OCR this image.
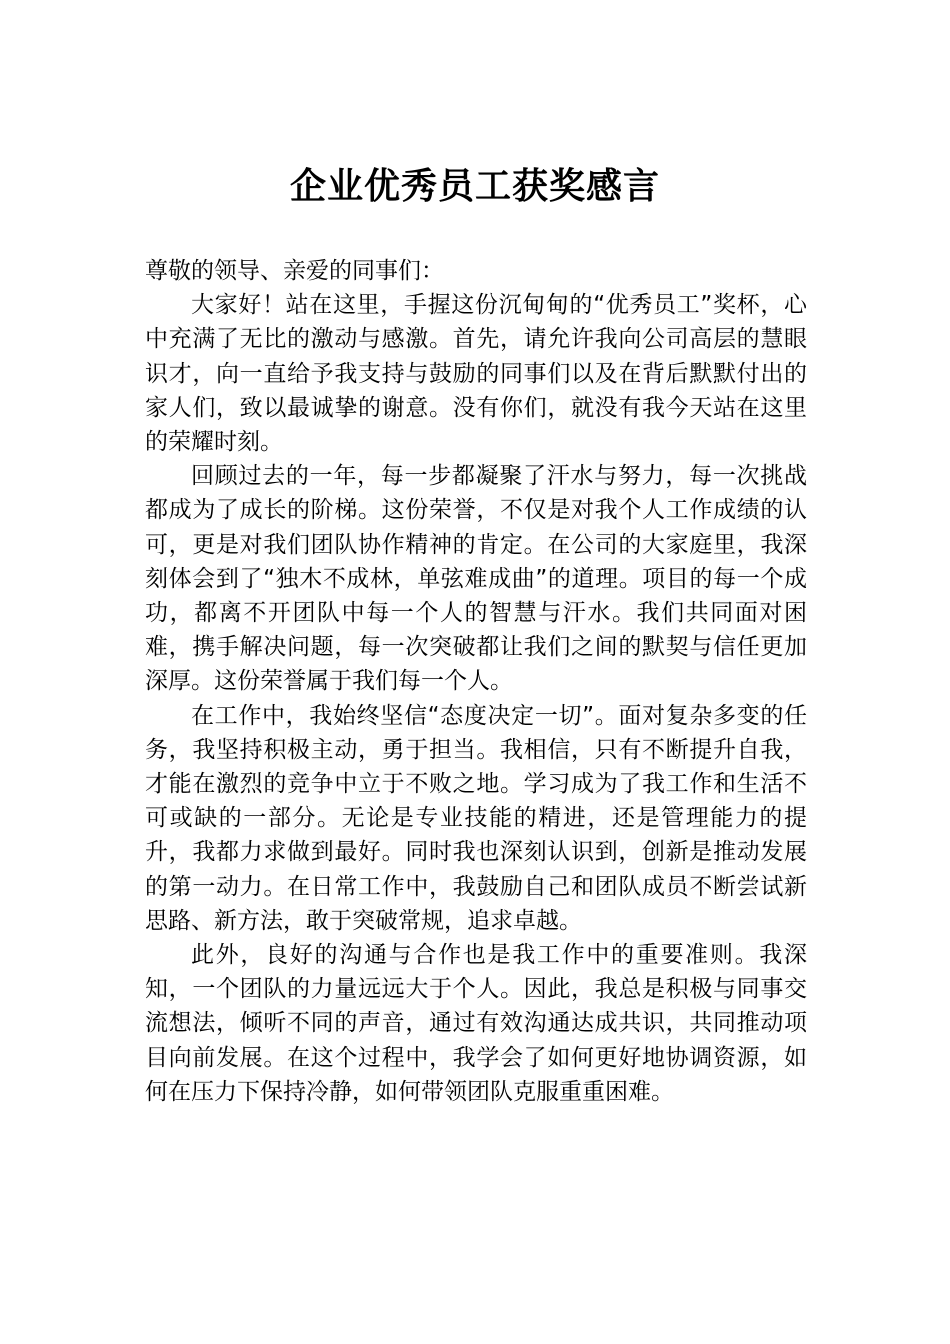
企业优秀员工获奖感言

尊敬的领导、亲爱的同事们：

大家好！站在这里，手握这份沉甸甸的“优秀员工”奖杯，心中充满了无比的激动与感激。首先，请允许我向公司高层的慧眼识才，向一直给予我支持与鼓励的同事们以及在背后默默付出的家人们，致以最诚挚的谢意。没有你们，就没有我今天站在这里的荣耀时刻。

回顾过去的一年，每一步都凝聚了汗水与努力，每一次挑战都成为了成长的阶梯。这份荣誉，不仅是对我个人工作成绩的认可，更是对我们团队协作精神的肯定。在公司的大家庭里，我深刻体会到了“独木不成林，单弦难成曲”的道理。项目的每一个成功，都离不开团队中每一个人的智慧与汗水。我们共同面对困难，携手解决问题，每一次突破都让我们之间的默契与信任更加深厚。这份荣誉属于我们每一个人。

在工作中，我始终坚信“态度决定一切”。面对复杂多变的任务，我坚持积极主动，勇于担当。我相信，只有不断提升自我，才能在激烈的竞争中立于不败之地。学习成为了我工作和生活不可或缺的一部分。无论是专业技能的精进，还是管理能力的提升，我都力求做到最好。同时我也深刻认识到，创新是推动发展的第一动力。在日常工作中，我鼓励自己和团队成员不断尝试新思路、新方法，敢于突破常规，追求卓越。

此外，良好的沟通与合作也是我工作中的重要准则。我深知，一个团队的力量远远大于个人。因此，我总是积极与同事交流想法，倾听不同的声音，通过有效沟通达成共识，共同推动项目向前发展。在这个过程中，我学会了如何更好地协调资源，如何在压力下保持冷静，如何带领团队克服重重困难。
